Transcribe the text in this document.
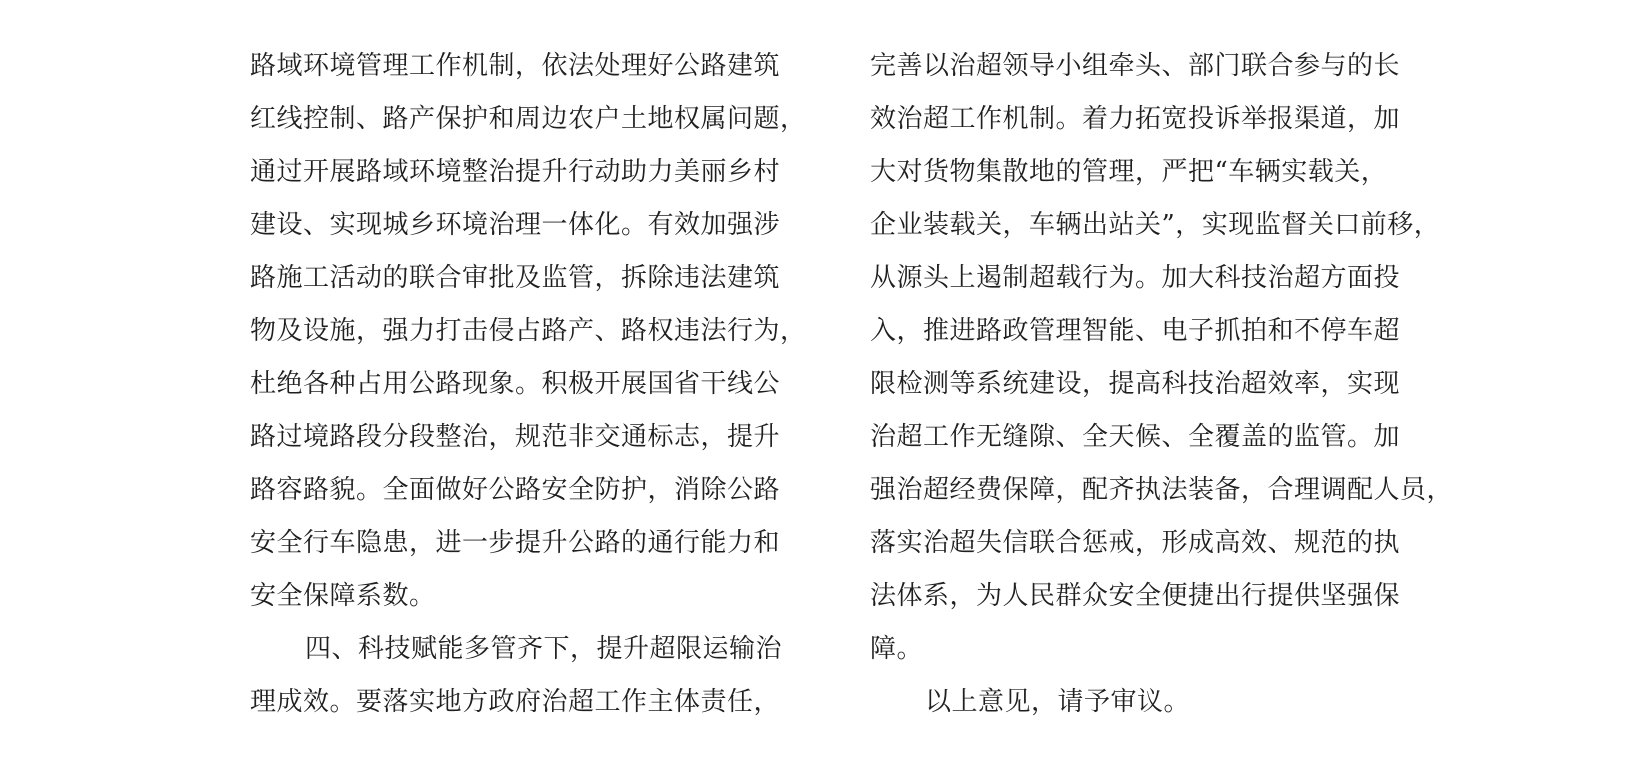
路域环境管理工作机制，依法处理好公路建筑
红线控制、路产保护和周边农户土地权属问题，
通过开展路域环境整治提升行动助力美丽乡村
建设、实现城乡环境治理一体化。有效加强涉
路施工活动的联合审批及监管，拆除违法建筑
物及设施，强力打击侵占路产、路权违法行为，
杜绝各种占用公路现象。积极开展国省干线公
路过境路段分段整治，规范非交通标志，提升
路容路貌。全面做好公路安全防护，消除公路
安全行车隐患，进一步提升公路的通行能力和
安全保障系数。
四、科技赋能多管齐下，提升超限运输治
理成效。要落实地方政府治超工作主体责任，
完善以治超领导小组牵头、部门联合参与的长
效治超工作机制。着力拓宽投诉举报渠道，加
大对货物集散地的管理，严把“车辆实载关，
企业装载关，车辆出站关”，实现监督关口前移，
从源头上遏制超载行为。加大科技治超方面投
入，推进路政管理智能、电子抓拍和不停车超
限检测等系统建设，提高科技治超效率，实现
治超工作无缝隙、全天候、全覆盖的监管。加
强治超经费保障，配齐执法装备，合理调配人员，
落实治超失信联合惩戒，形成高效、规范的执
法体系，为人民群众安全便捷出行提供坚强保
障。
以上意见，请予审议。
